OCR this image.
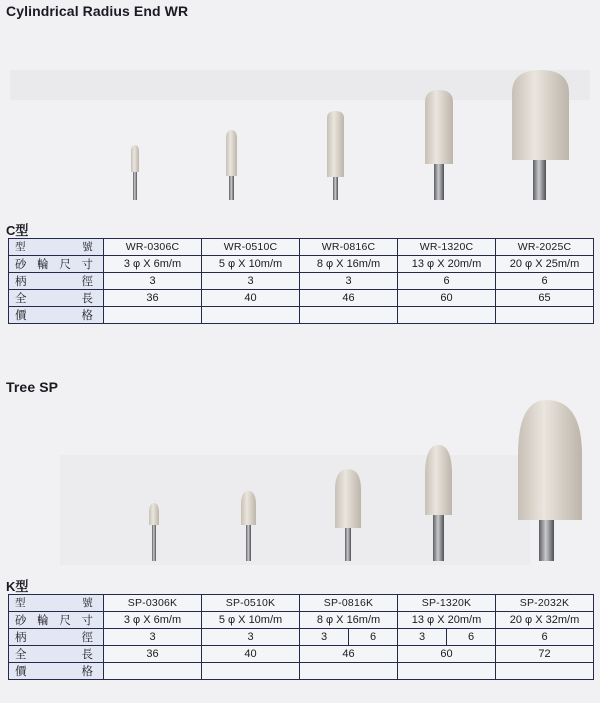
Cylindrical Radius End WR
C型
型 號	WR-0306C	WR-0510C	WR-0816C	WR-1320C	WR-2025C

砂 輪 尺 寸	3 φ X 6m/m	5 φ X 10m/m	8 φ X 16m/m	13 φ X 20m/m	20 φ X 25m/m

柄 徑	3	3	3	6	6

全 長	36	40	46	60	65

價 格					

Tree SP
K型
型 號	SP-0306K	SP-0510K	SP-0816K	SP-1320K	SP-2032K

砂 輪 尺 寸	3 φ X 6m/m	5 φ X 10m/m	8 φ X 16m/m	13 φ X 20m/m	20 φ X 32m/m

柄 徑	3	3	3 6	3 6	6

全 長	36	40	46	60	72

價 格					
